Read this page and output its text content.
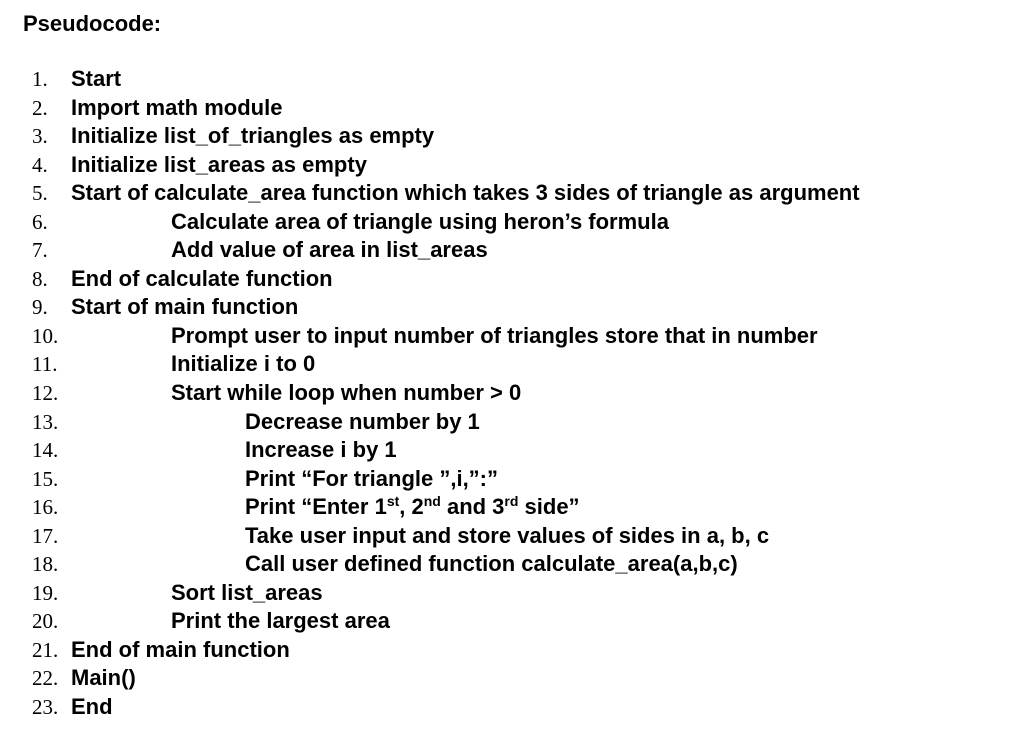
Pseudocode:
1. Start
2. Import math module
3. Initialize list_of_triangles as empty
4. Initialize list_areas as empty
5. Start of calculate_area function which takes 3 sides of triangle as argument
6.	Calculate area of triangle using heron’s formula
7.	Add value of area in list_areas
8. End of calculate function
9. Start of main function
10.	Prompt user to input number of triangles store that in number
11.	Initialize i to 0
12.	Start while loop when number > 0
13.	Decrease number by 1
14.	Increase i by 1
15.	Print “For triangle ”,i,”:”
16.	Print “Enter 1st, 2nd and 3rd side”
17.	Take user input and store values of sides in a, b, c
18.	Call user defined function calculate_area(a,b,c)
19.	Sort list_areas
20.	Print the largest area
21. End of main function
22. Main()
23. End
